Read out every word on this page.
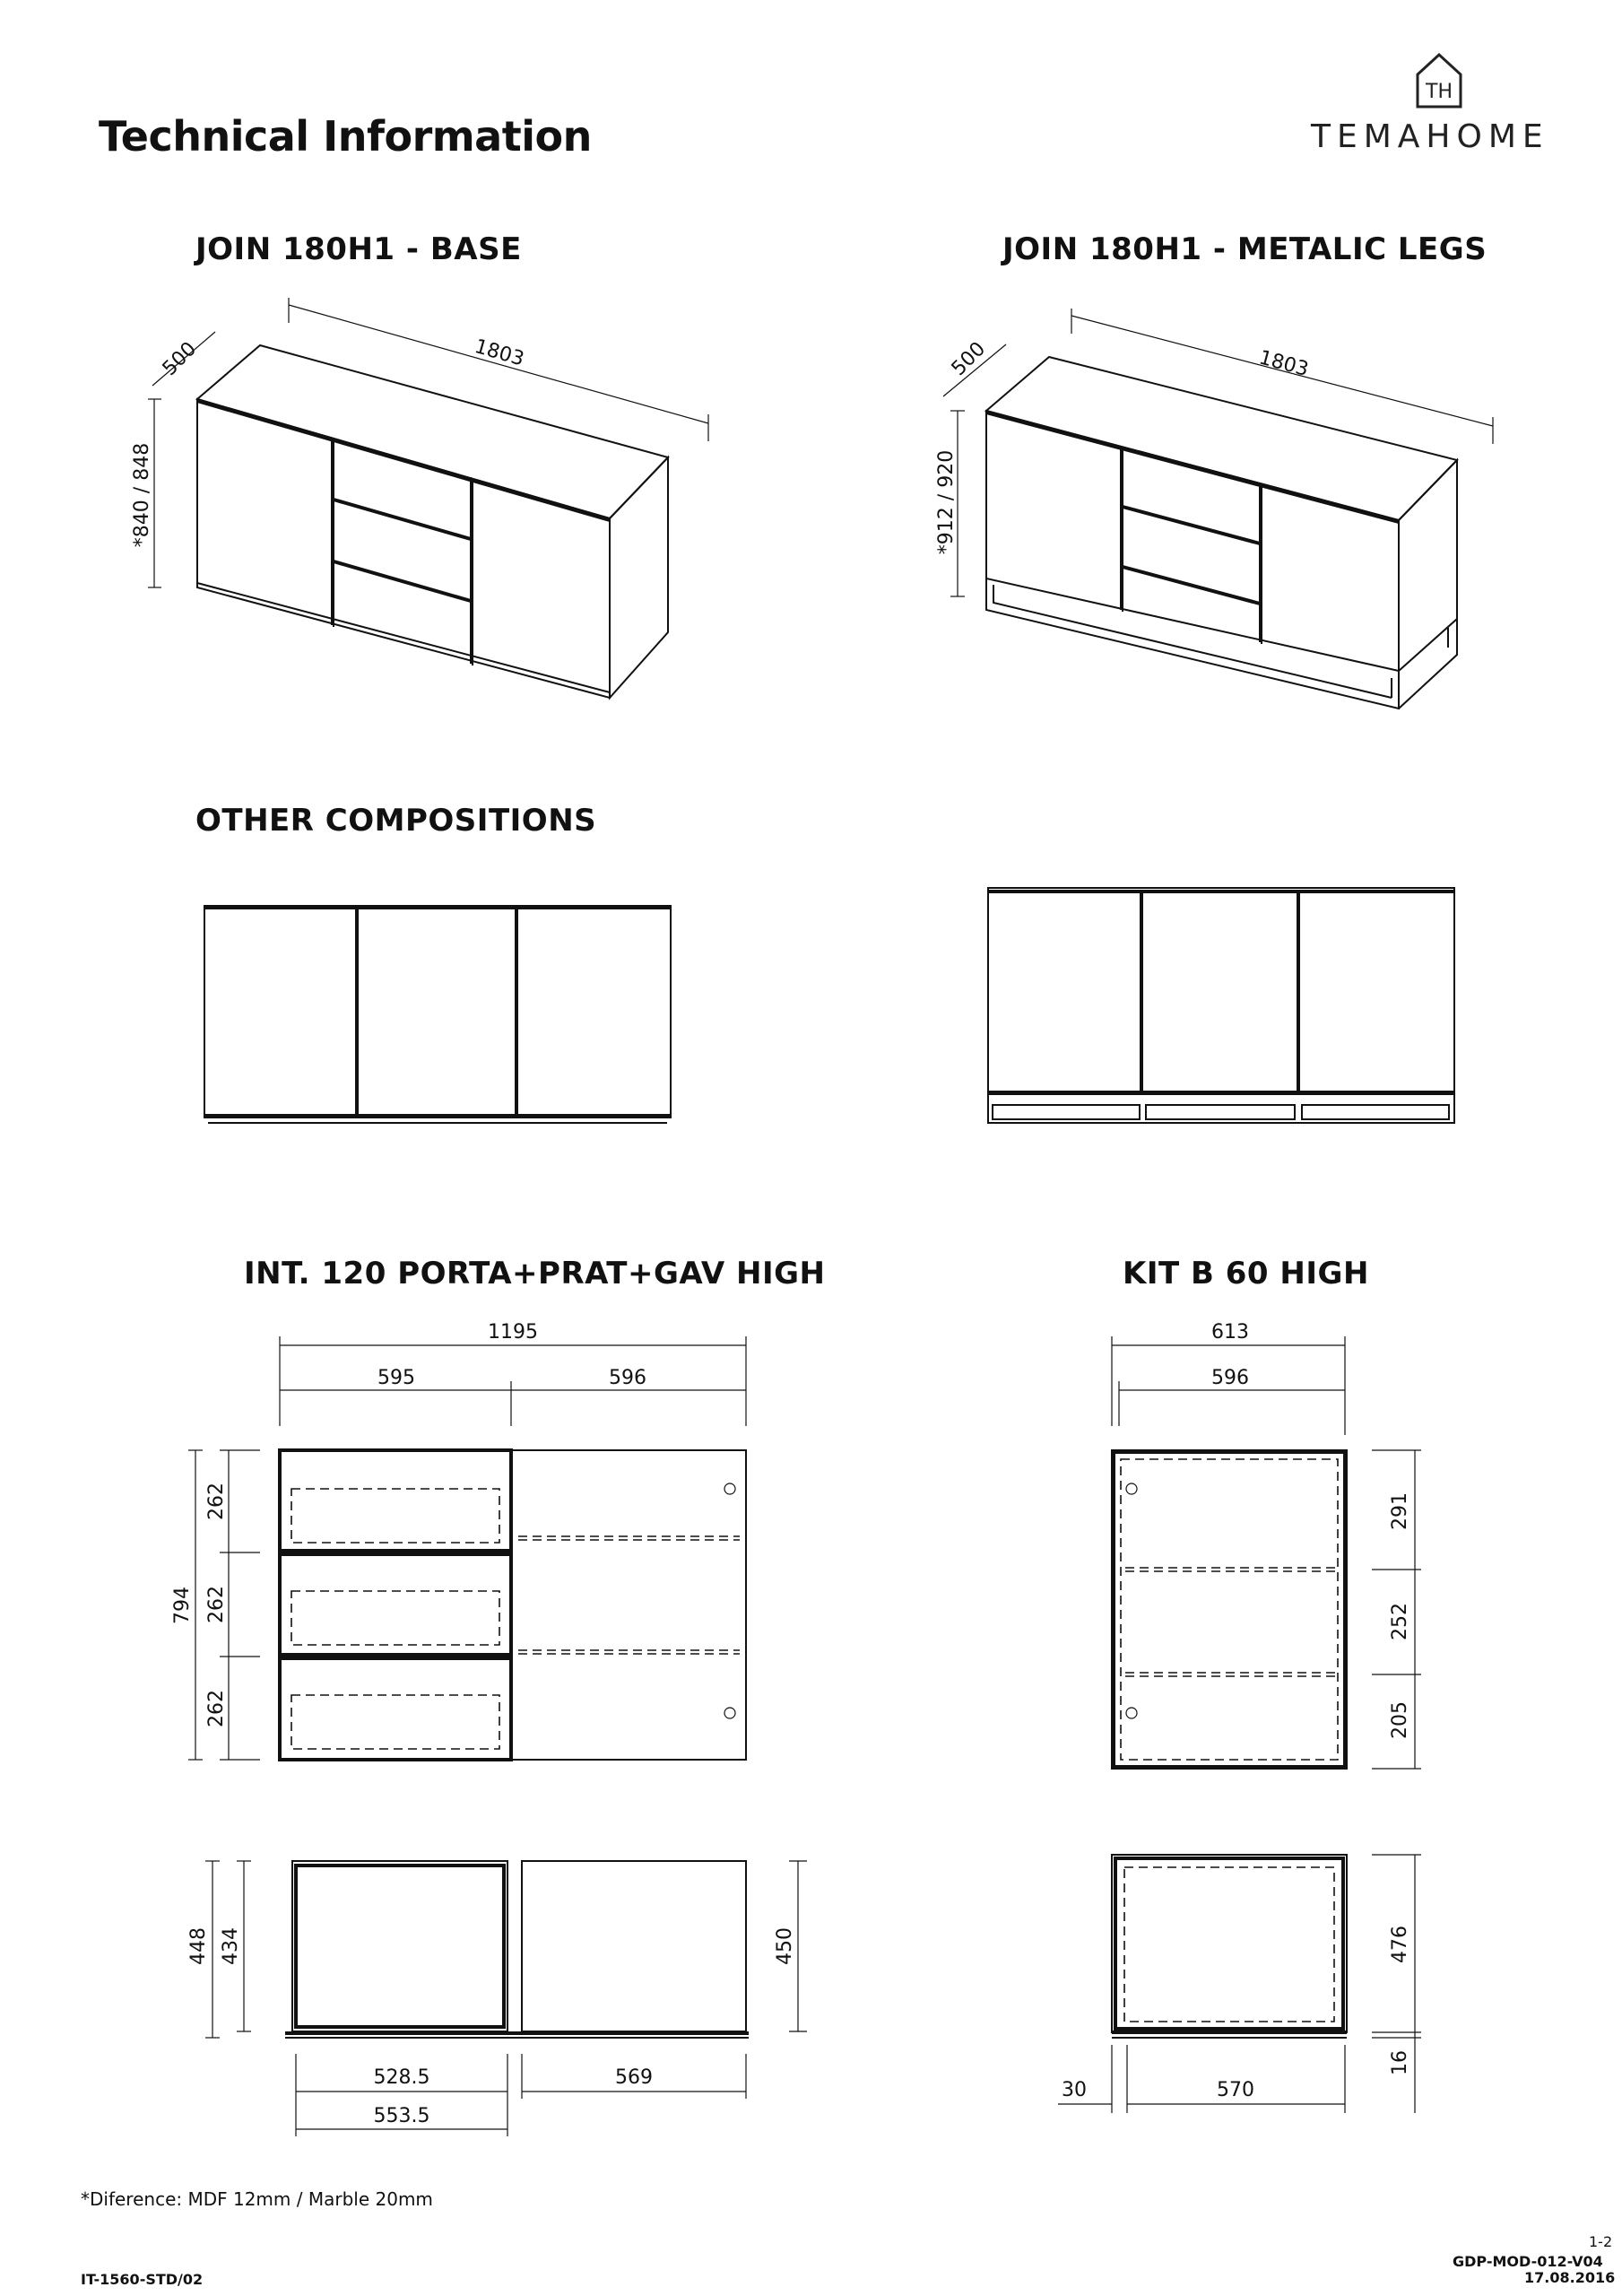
Technical Information
TH
TEMAHOME
JOIN 180H1 - BASE	JOIN 180H1 - METALIC LEGS
OTHER COMPOSITIONS
INT. 120 PORTA+PRAT+GAV HIGH	KIT B 60 HIGH
1803
500
*840 / 848
1803
500
*912 / 920
1195
595	596
794
262
262
262
448 434	450
528.5
553.5
569
613
596
291
252
205
476
16
30	570
*Diference: MDF 12mm / Marble 20mm
IT-1560-STD/02
1-2
GDP-MOD-012-V04
17.08.2016
